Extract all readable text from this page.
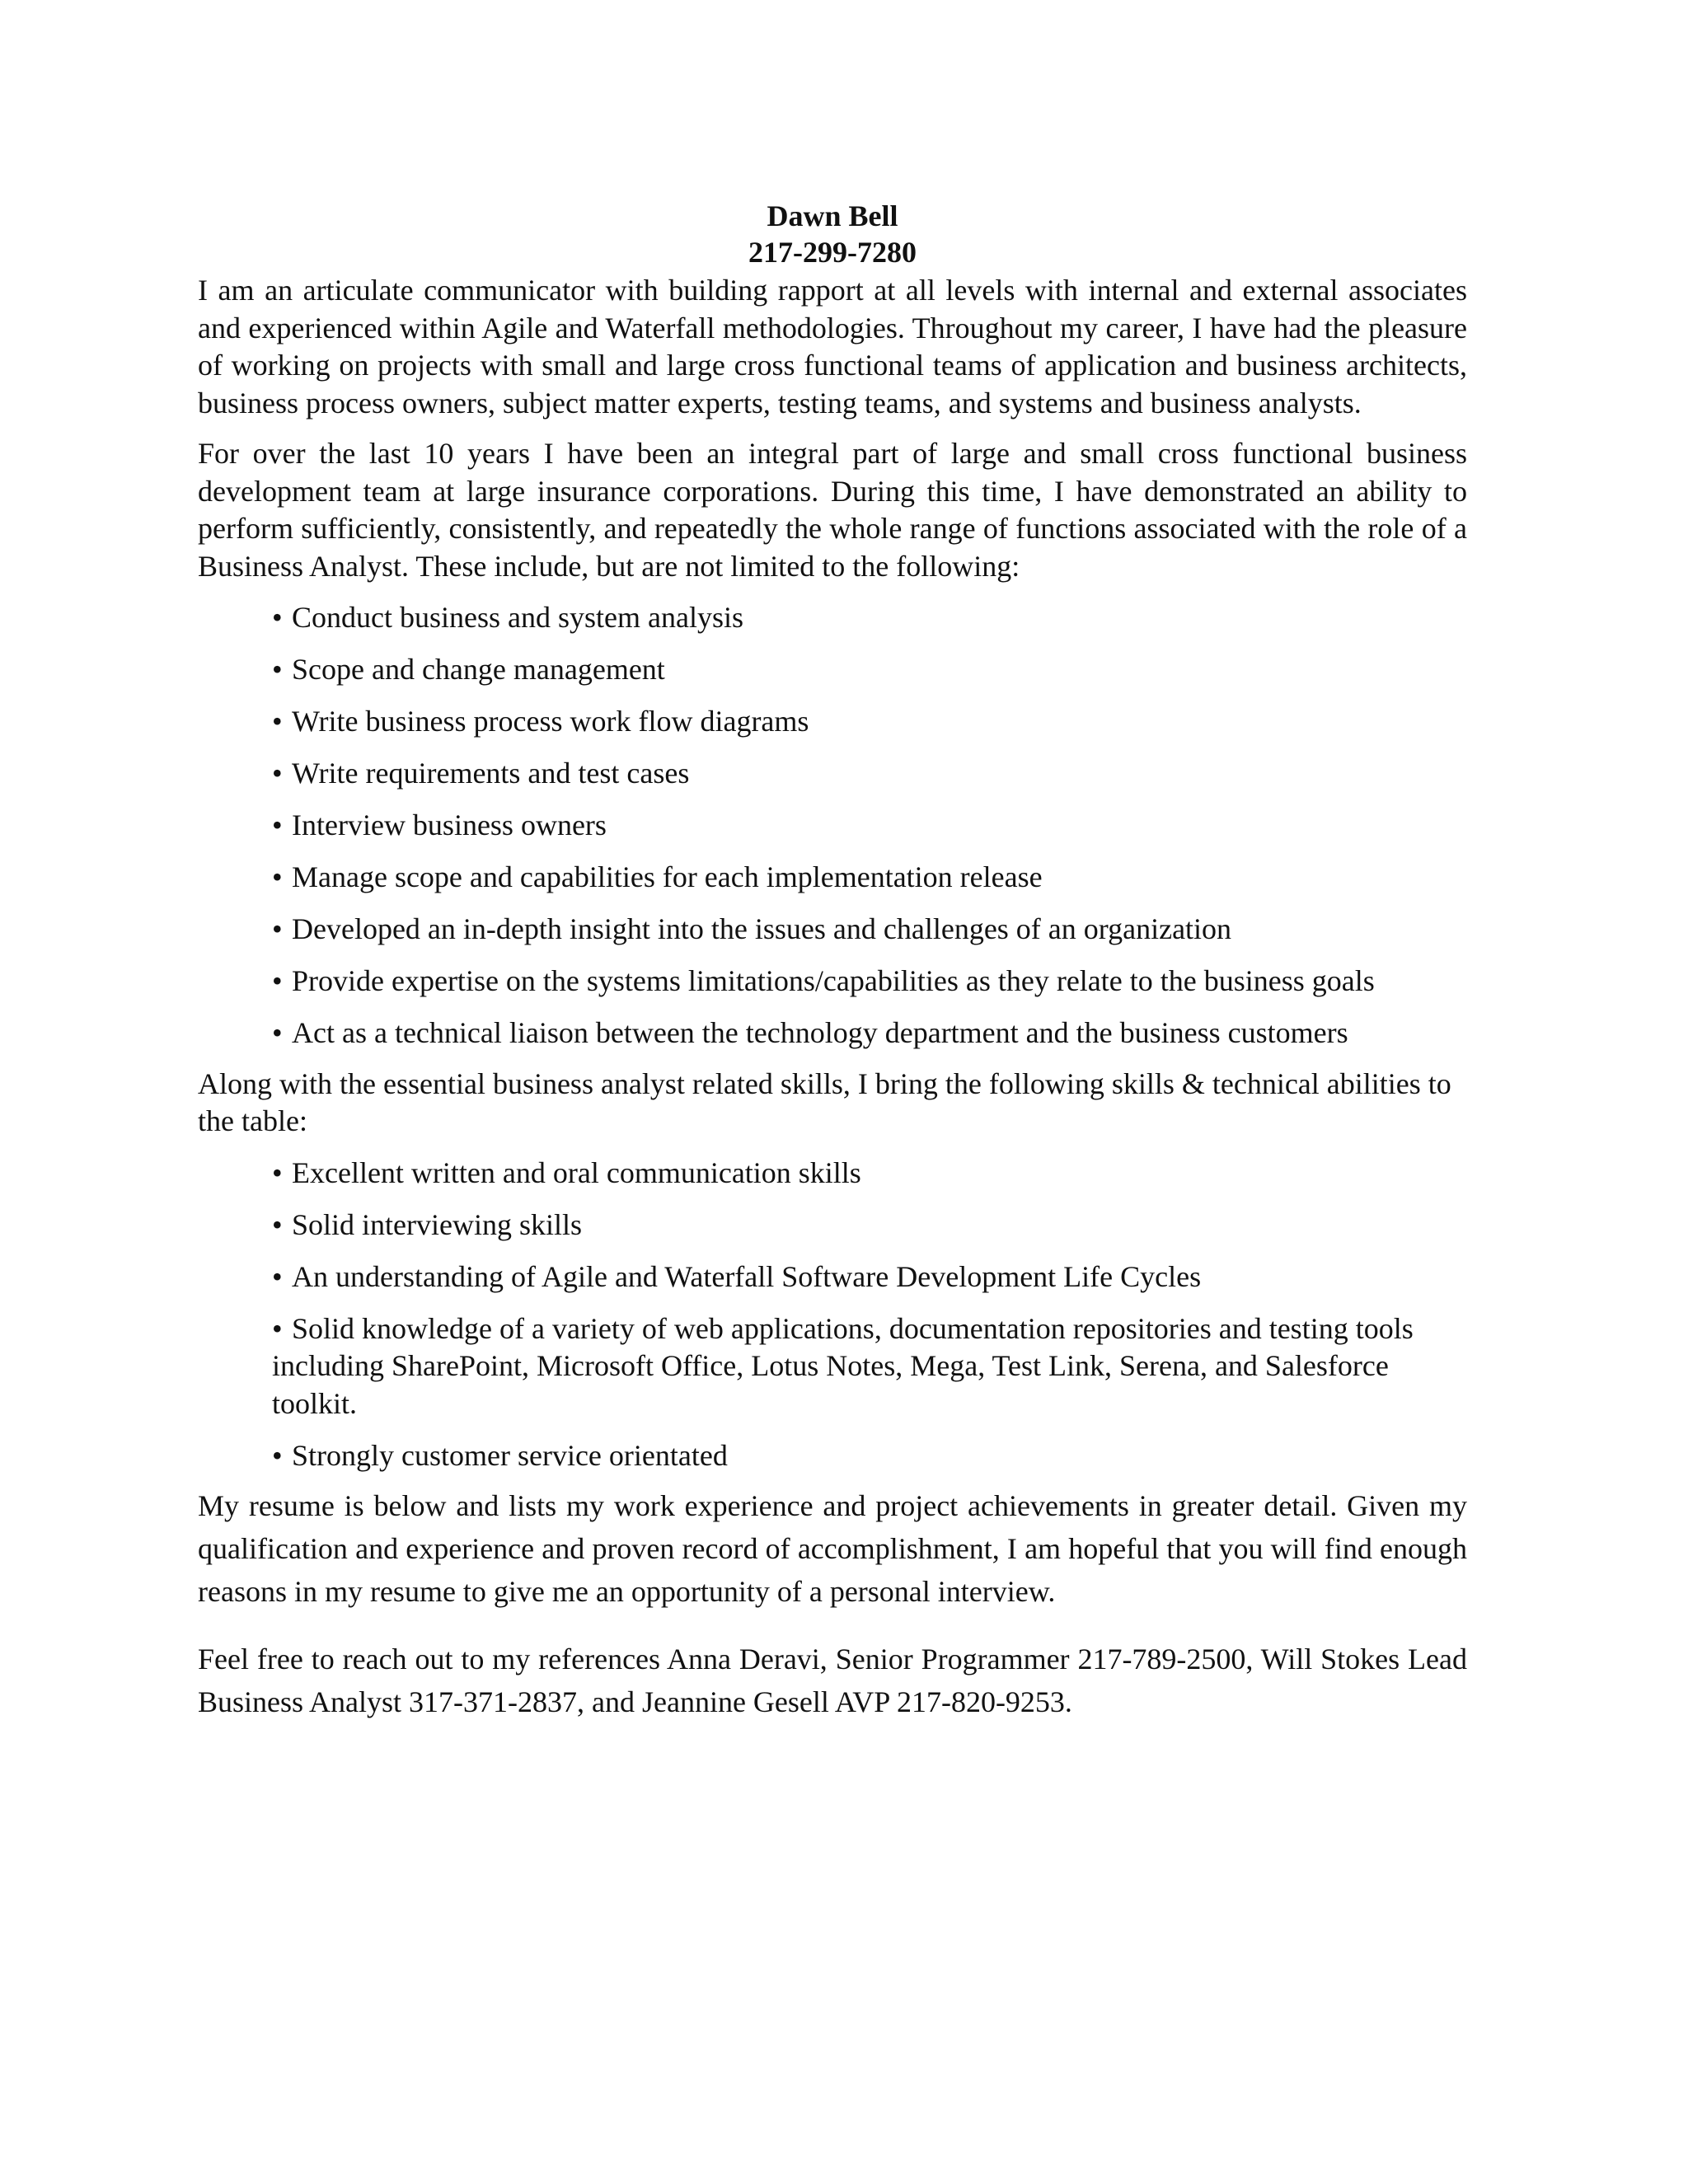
Dawn Bell
217-299-7280

I am an articulate communicator with building rapport at all levels with internal and external associates and experienced within Agile and Waterfall methodologies. Throughout my career, I have had the pleasure of working on projects with small and large cross functional teams of application and business architects, business process owners, subject matter experts, testing teams, and systems and business analysts.

For over the last 10 years I have been an integral part of large and small cross functional business development team at large insurance corporations. During this time, I have demonstrated an ability to perform sufficiently, consistently, and repeatedly the whole range of functions associated with the role of a Business Analyst. These include, but are not limited to the following:

• Conduct business and system analysis
• Scope and change management
• Write business process work flow diagrams
• Write requirements and test cases
• Interview business owners
• Manage scope and capabilities for each implementation release
• Developed an in-depth insight into the issues and challenges of an organization
• Provide expertise on the systems limitations/capabilities as they relate to the business goals
• Act as a technical liaison between the technology department and the business customers

Along with the essential business analyst related skills, I bring the following skills & technical abilities to the table:

• Excellent written and oral communication skills
• Solid interviewing skills
• An understanding of Agile and Waterfall Software Development Life Cycles
• Solid knowledge of a variety of web applications, documentation repositories and testing tools including SharePoint, Microsoft Office, Lotus Notes, Mega, Test Link, Serena, and Salesforce toolkit.
• Strongly customer service orientated

My resume is below and lists my work experience and project achievements in greater detail. Given my qualification and experience and proven record of accomplishment, I am hopeful that you will find enough reasons in my resume to give me an opportunity of a personal interview.

Feel free to reach out to my references Anna Deravi, Senior Programmer 217-789-2500, Will Stokes Lead Business Analyst 317-371-2837, and Jeannine Gesell AVP 217-820-9253.
